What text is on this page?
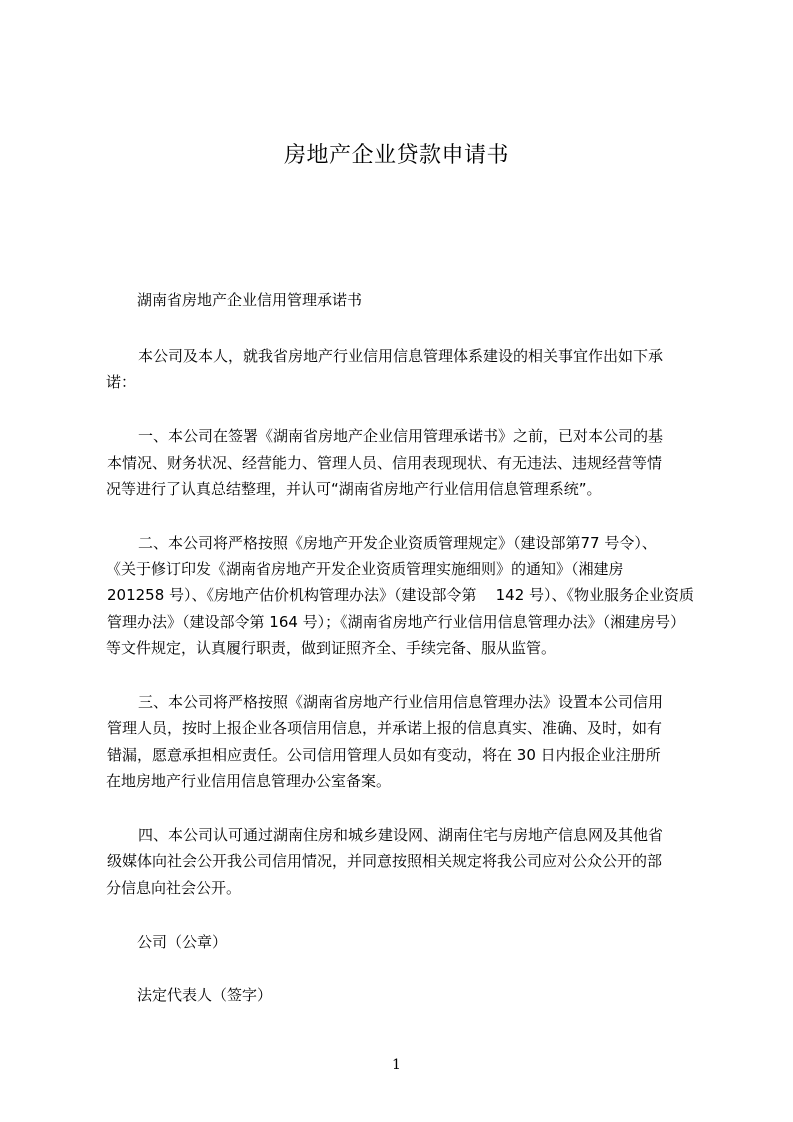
房地产企业贷款申请书
湖南省房地产企业信用管理承诺书
本公司及本人，就我省房地产行业信用信息管理体系建设的相关事宜作出如下承
诺：
一、本公司在签署《湖南省房地产企业信用管理承诺书》之前，已对本公司的基
本情况、财务状况、经营能力、管理人员、信用表现现状、有无违法、违规经营等情
况等进行了认真总结整理，并认可“湖南省房地产行业信用信息管理系统”。
二、本公司将严格按照《房地产开发企业资质管理规定》（建设部第77 号令）、
《关于修订印发《湖南省房地产开发企业资质管理实施细则》的通知》（湘建房
201258 号）、《房地产估价机构管理办法》（建设部令第    142 号）、《物业服务企业资质
管理办法》（建设部令第 164 号）；《湖南省房地产行业信用信息管理办法》（湘建房号）
等文件规定，认真履行职责，做到证照齐全、手续完备、服从监管。
三、本公司将严格按照《湖南省房地产行业信用信息管理办法》设置本公司信用
管理人员，按时上报企业各项信用信息，并承诺上报的信息真实、准确、及时，如有
错漏，愿意承担相应责任。公司信用管理人员如有变动，将在 30 日内报企业注册所
在地房地产行业信用信息管理办公室备案。
四、本公司认可通过湖南住房和城乡建设网、湖南住宅与房地产信息网及其他省
级媒体向社会公开我公司信用情况，并同意按照相关规定将我公司应对公众公开的部
分信息向社会公开。
公司（公章）
法定代表人（签字）
1
